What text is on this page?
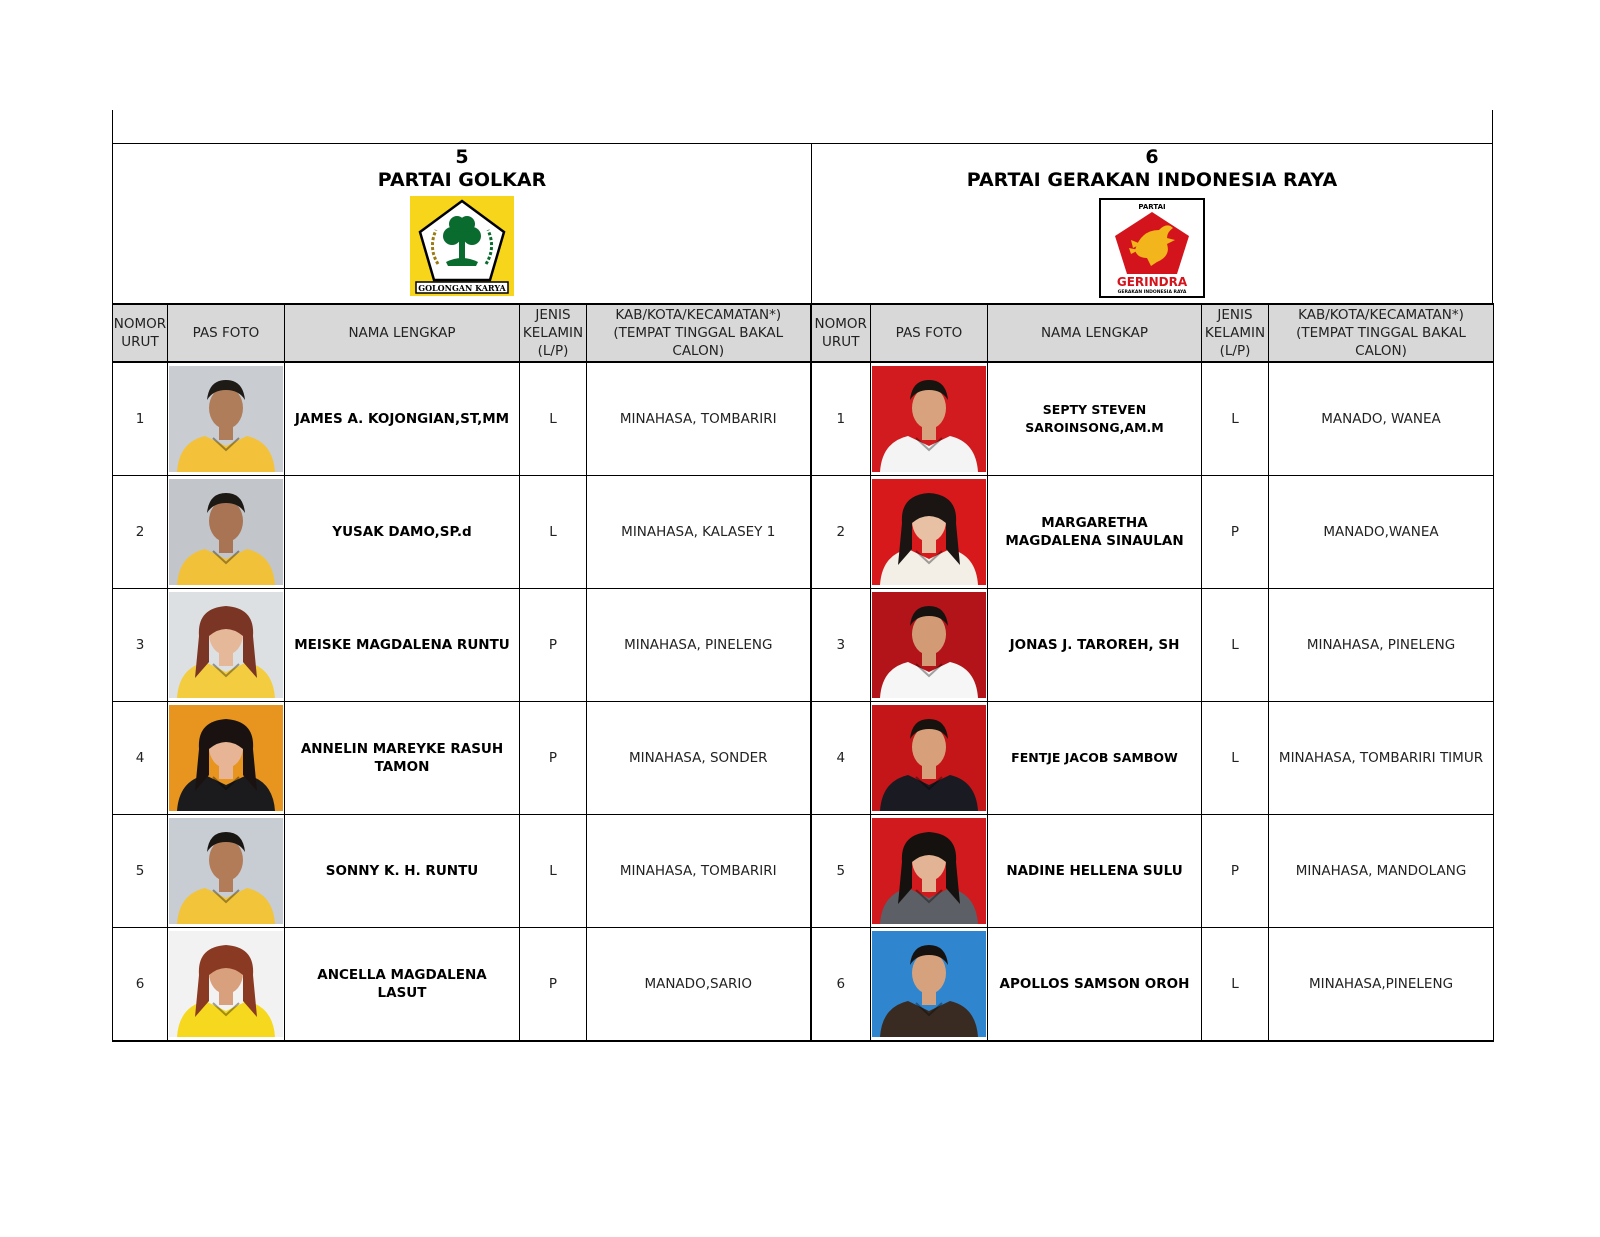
5
PARTAI GOLKAR
GOLONGAN KARYA
6
PARTAI GERAKAN INDONESIA RAYA
PARTAI
GERINDRA
GERAKAN INDONESIA RAYA
NOMOR URUT	PAS FOTO	NAMA LENGKAP	JENIS KELAMIN (L/P)	KAB/KOTA/KECAMATAN*) (TEMPAT TINGGAL BAKAL CALON)	NOMOR URUT	PAS FOTO	NAMA LENGKAP	JENIS KELAMIN (L/P)	KAB/KOTA/KECAMATAN*) (TEMPAT TINGGAL BAKAL CALON)
1		JAMES A. KOJONGIAN,ST,MM	L	MINAHASA, TOMBARIRI	1		SEPTY STEVEN SAROINSONG,AM.M	L	MANADO, WANEA
2		YUSAK DAMO,SP.d	L	MINAHASA, KALASEY 1	2		MARGARETHA MAGDALENA SINAULAN	P	MANADO,WANEA
3		MEISKE MAGDALENA RUNTU	P	MINAHASA, PINELENG	3		JONAS J. TAROREH, SH	L	MINAHASA, PINELENG
4		ANNELIN MAREYKE RASUH TAMON	P	MINAHASA, SONDER	4		FENTJE JACOB SAMBOW	L	MINAHASA, TOMBARIRI TIMUR
5		SONNY K. H. RUNTU	L	MINAHASA, TOMBARIRI	5		NADINE HELLENA SULU	P	MINAHASA, MANDOLANG
6		ANCELLA MAGDALENA LASUT	P	MANADO,SARIO	6		APOLLOS SAMSON OROH	L	MINAHASA,PINELENG
